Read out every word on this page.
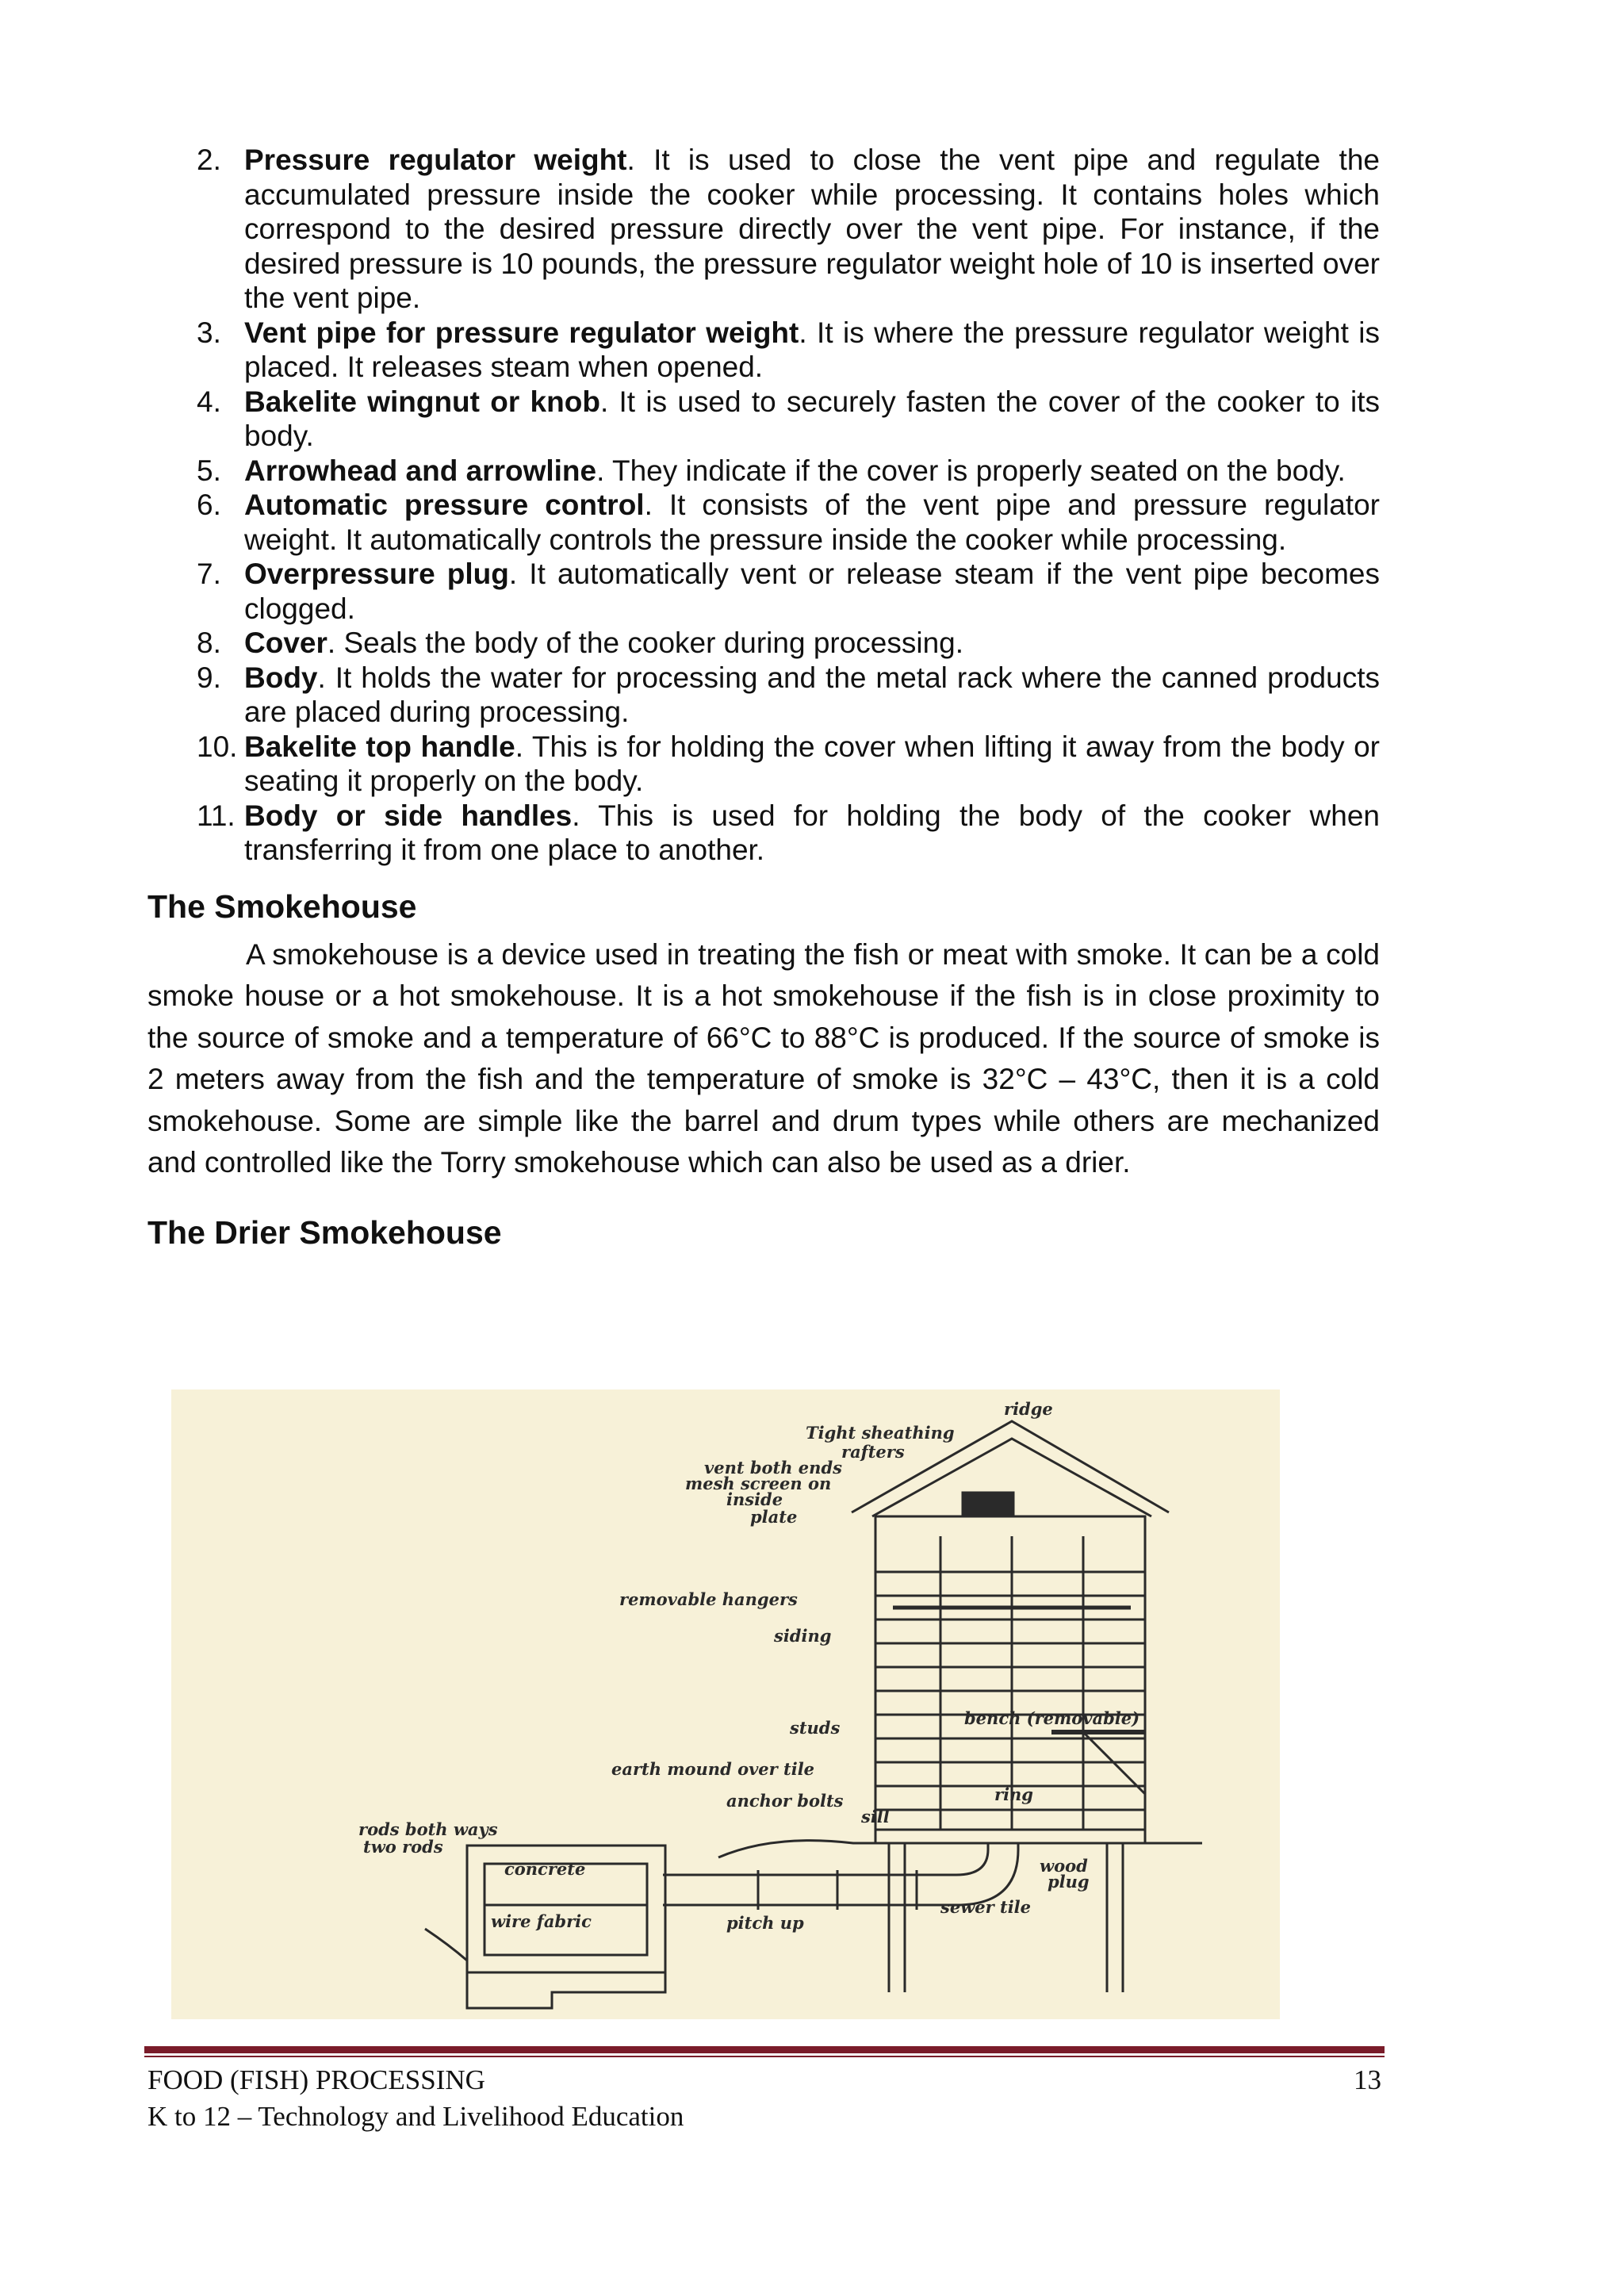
2. Pressure regulator weight. It is used to close the vent pipe and regulate the accumulated pressure inside the cooker while processing. It contains holes which correspond to the desired pressure directly over the vent pipe. For instance, if the desired pressure is 10 pounds, the pressure regulator weight hole of 10 is inserted over the vent pipe.
3. Vent pipe for pressure regulator weight. It is where the pressure regulator weight is placed. It releases steam when opened.
4. Bakelite wingnut or knob. It is used to securely fasten the cover of the cooker to its body.
5. Arrowhead and arrowline. They indicate if the cover is properly seated on the body.
6. Automatic pressure control. It consists of the vent pipe and pressure regulator weight. It automatically controls the pressure inside the cooker while processing.
7. Overpressure plug. It automatically vent or release steam if the vent pipe becomes clogged.
8. Cover. Seals the body of the cooker during processing.
9. Body. It holds the water for processing and the metal rack where the canned products are placed during processing.
10. Bakelite top handle. This is for holding the cover when lifting it away from the body or seating it properly on the body.
11. Body or side handles. This is used for holding the body of the cooker when transferring it from one place to another.
The Smokehouse

A smokehouse is a device used in treating the fish or meat with smoke. It can be a cold smoke house or a hot smokehouse. It is a hot smokehouse if the fish is in close proximity to the source of smoke and a temperature of 66°C to 88°C is produced. If the source of smoke is 2 meters away from the fish and the temperature of smoke is 32°C – 43°C, then it is a cold smokehouse. Some are simple like the barrel and drum types while others are mechanized and controlled like the Torry smokehouse which can also be used as a drier.

The Drier Smokehouse
ridge
Tight sheathing
rafters
vent both ends
mesh screen on
inside
plate
removable hangers
siding
bench (removable)
studs
earth mound over tile
anchor bolts
sill
ring
rods both ways
two rods
concrete
wire fabric	pitch up
wood
plug
sewer tile
FOOD (FISH) PROCESSING	13
K to 12 – Technology and Livelihood Education
